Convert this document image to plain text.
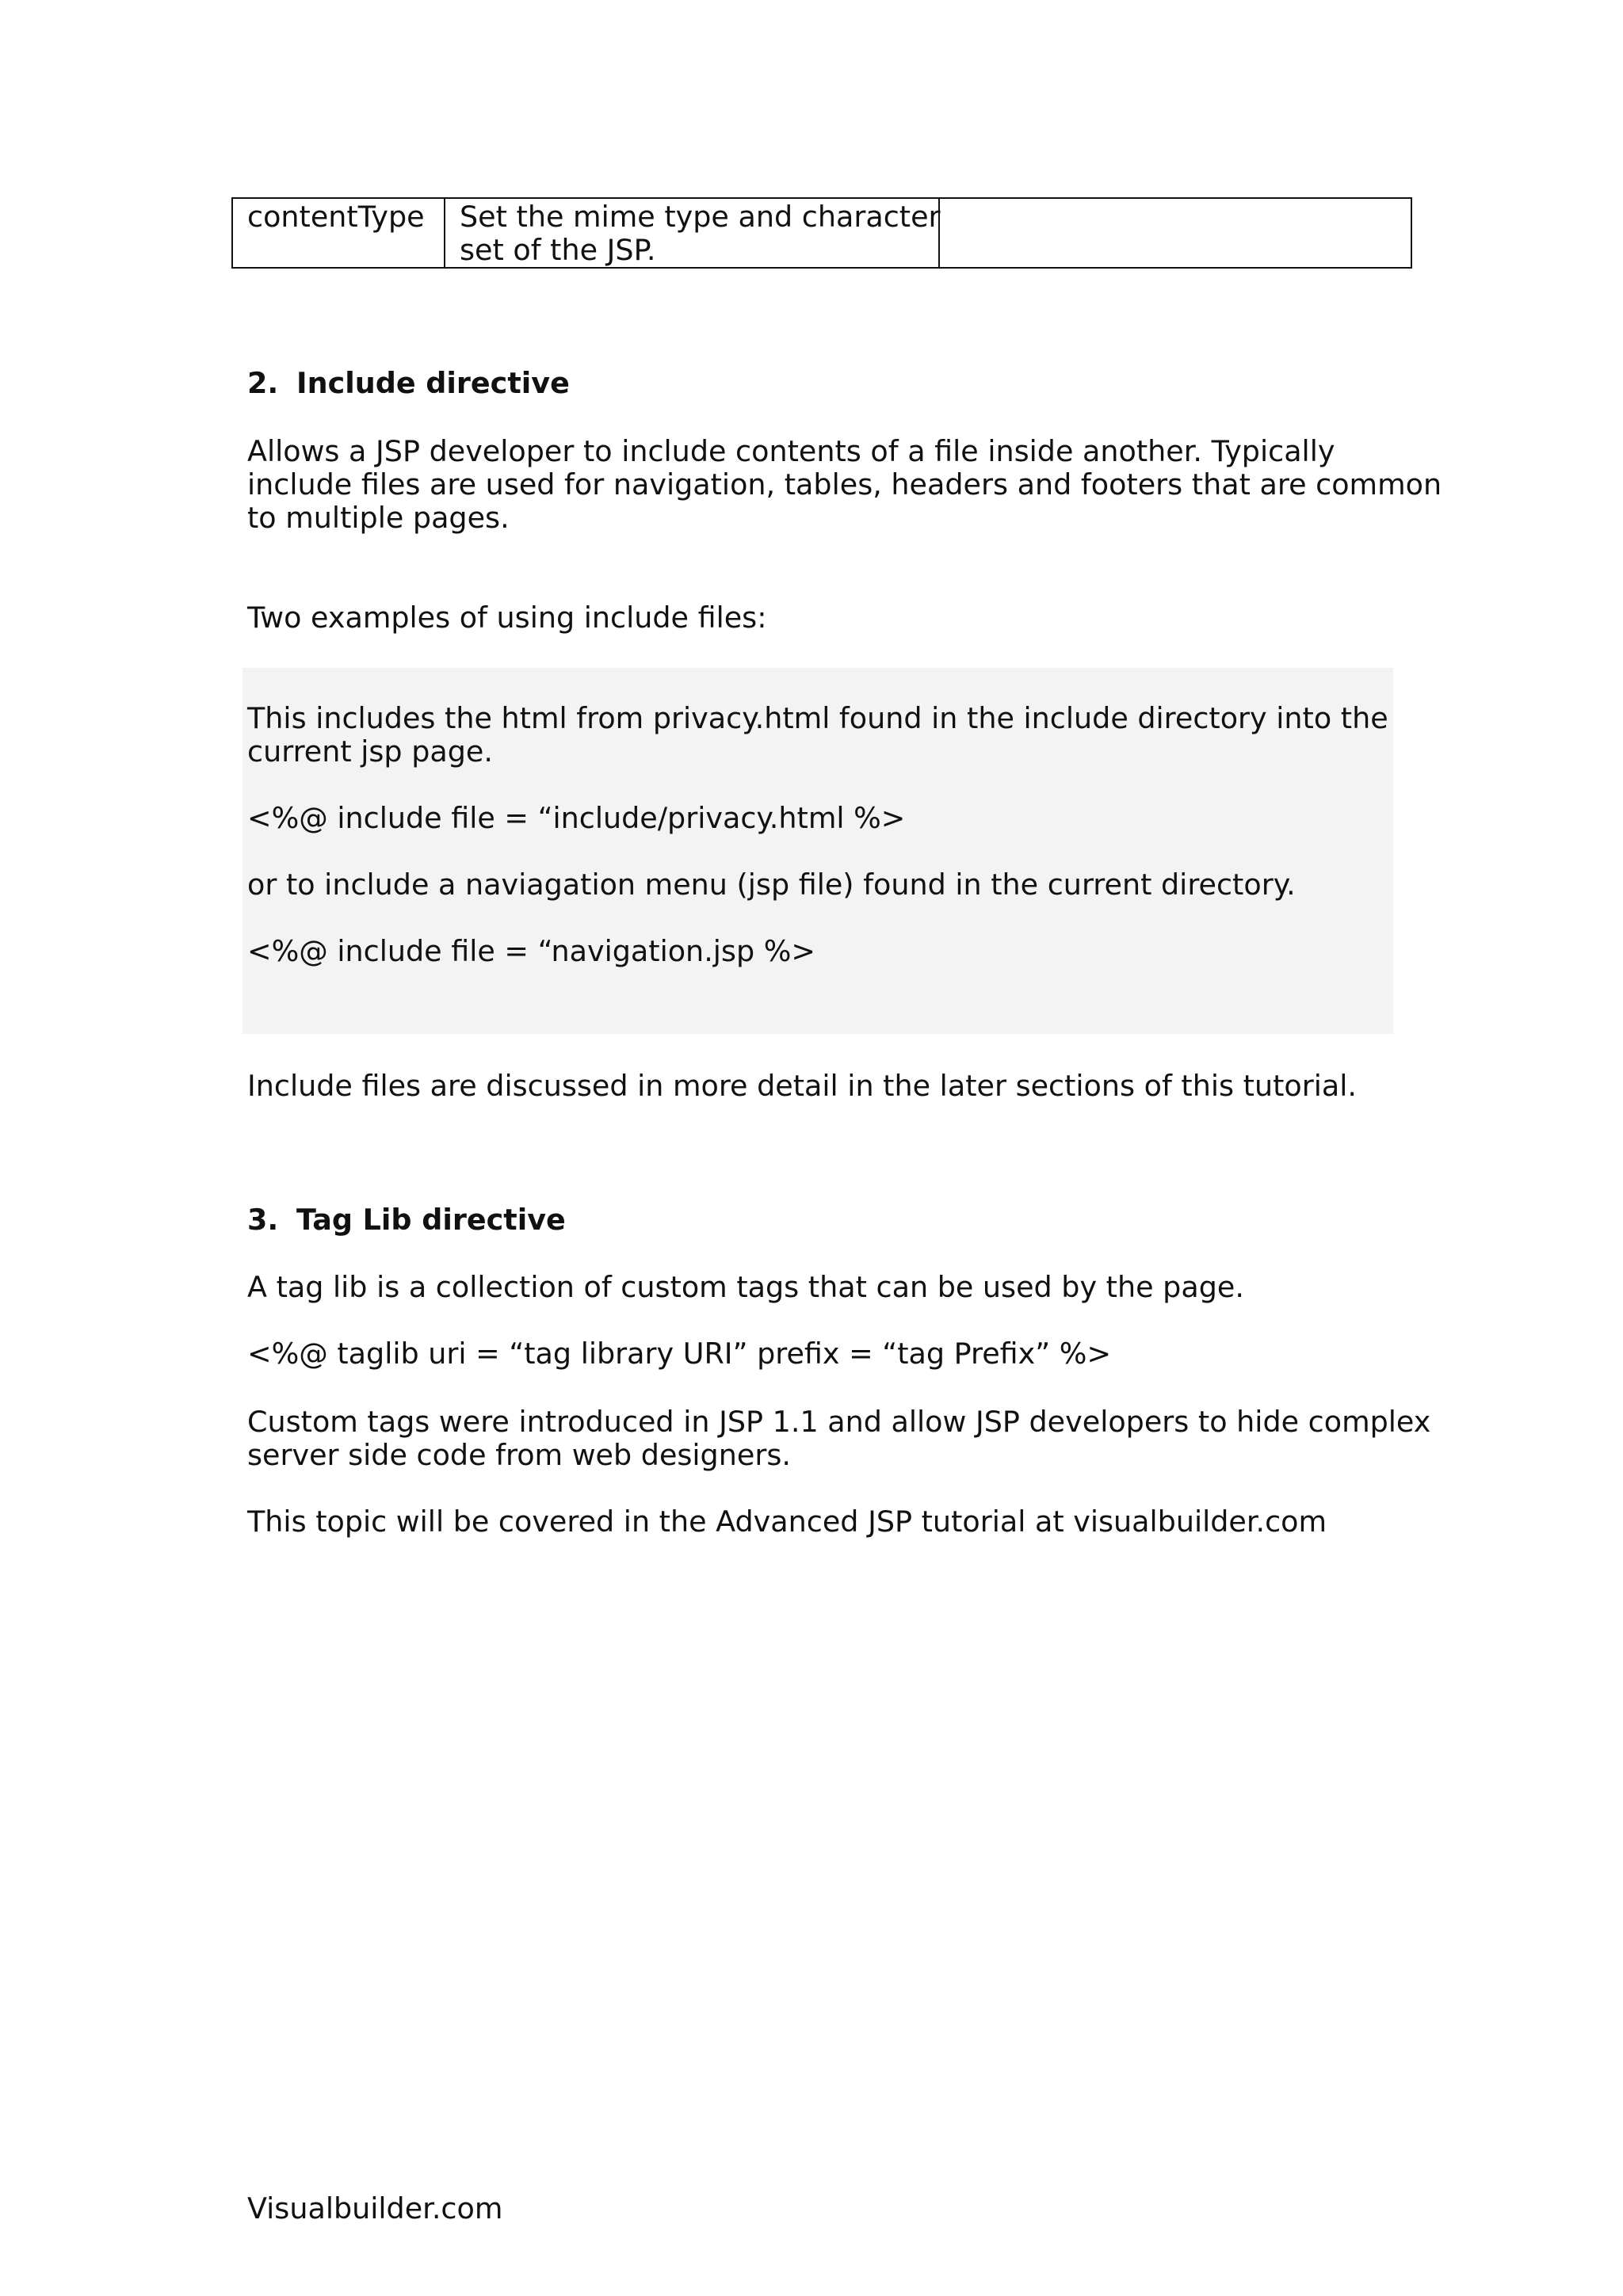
contentType	Set the mime type and character
set of the JSP.

2. Include directive
Allows a JSP developer to include contents of a file inside another. Typically
include files are used for navigation, tables, headers and footers that are common
to multiple pages.
Two examples of using include files:
This includes the html from privacy.html found in the include directory into the
current jsp page.
<%@ include file = “include/privacy.html %>
or to include a naviagation menu (jsp file) found in the current directory.
<%@ include file = “navigation.jsp %>
Include files are discussed in more detail in the later sections of this tutorial.
3. Tag Lib directive
A tag lib is a collection of custom tags that can be used by the page.
<%@ taglib uri = “tag library URI” prefix = “tag Prefix” %>
Custom tags were introduced in JSP 1.1 and allow JSP developers to hide complex
server side code from web designers.
This topic will be covered in the Advanced JSP tutorial at visualbuilder.com
Visualbuilder.com
